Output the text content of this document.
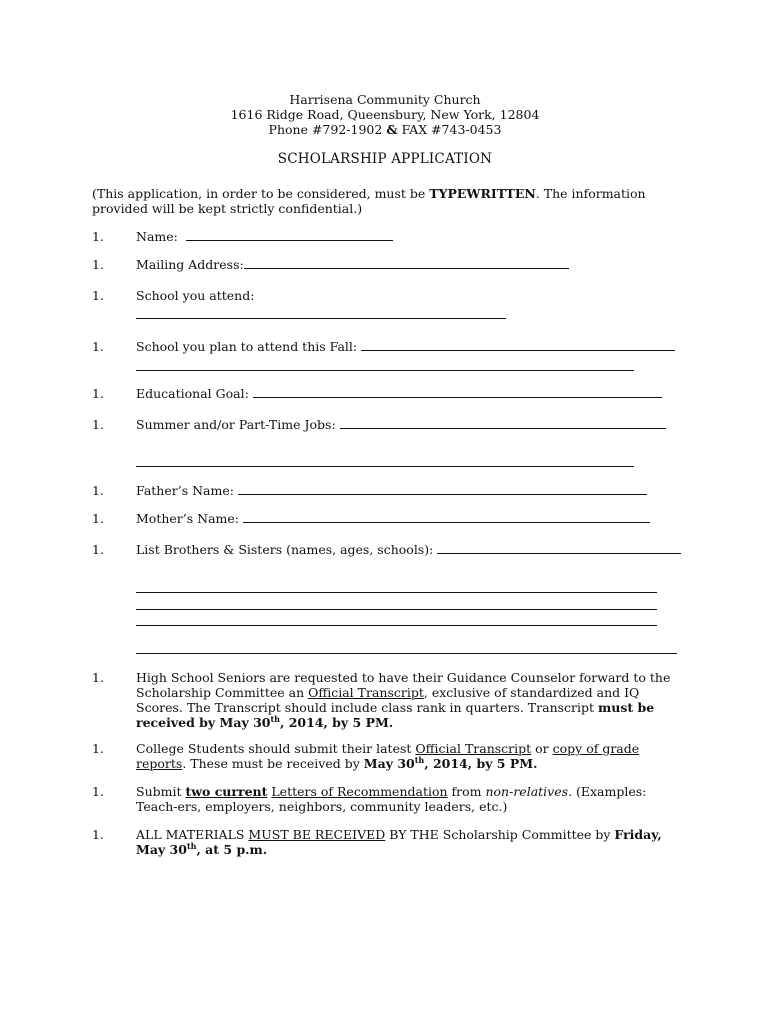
Harrisena Community Church
1616 Ridge Road, Queensbury, New York, 12804
Phone #792-1902 & FAX #743-0453
SCHOLARSHIP APPLICATION
(This application, in order to be considered, must be TYPEWRITTEN. The information provided will be kept strictly confidential.)
1.	Name:
1.	Mailing Address:
1.	School you attend:
1.	School you plan to attend this Fall:
1.	Educational Goal:
1.	Summer and/or Part-Time Jobs:
1.	Father’s Name:
1.	Mother’s Name:
1.	List Brothers & Sisters (names, ages, schools):
1.	High School Seniors are requested to have their Guidance Counselor forward to the Scholarship Committee an Official Transcript, exclusive of standardized and IQ Scores. The Transcript should include class rank in quarters. Transcript must be received by May 30th, 2014, by 5 PM.
1.	College Students should submit their latest Official Transcript or copy of grade reports. These must be received by May 30th, 2014, by 5 PM.
1.	Submit two current Letters of Recommendation from non-relatives. (Examples: Teach-ers, employers, neighbors, community leaders, etc.)
1.	ALL MATERIALS MUST BE RECEIVED BY THE Scholarship Committee by Friday, May 30th, at 5 p.m.
